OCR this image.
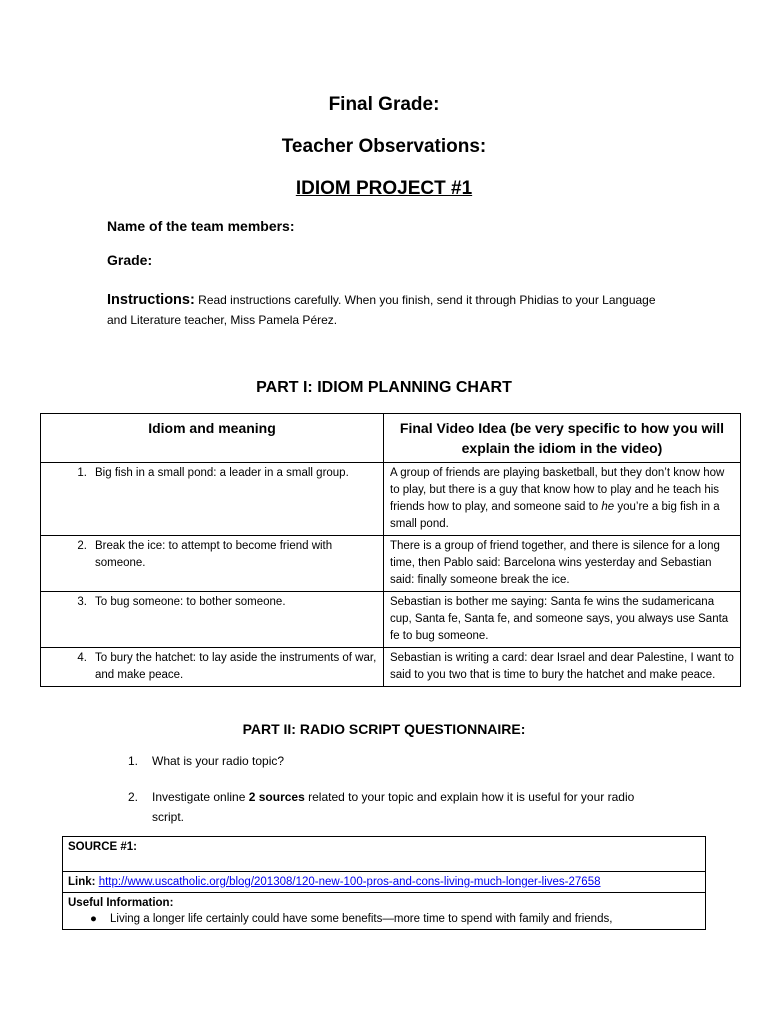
Final Grade:
Teacher Observations:
IDIOM PROJECT #1
Name of the team members:
Grade:
Instructions: Read instructions carefully. When you finish, send it through Phidias to your Language and Literature teacher, Miss Pamela Pérez.
PART I: IDIOM PLANNING CHART
Idiom and meaning	Final Video Idea (be very specific to how you will explain the idiom in the video)

1. Big fish in a small pond: a leader in a small group.	A group of friends are playing basketball, but they don’t know how to play, but there is a guy that know how to play and he teach his friends how to play, and someone said to he you’re a big fish in a small pond.

2. Break the ice: to attempt to become friend with someone.	There is a group of friend together, and there is silence for a long time, then Pablo said: Barcelona wins yesterday and Sebastian said: finally someone break the ice.

3. To bug someone: to bother someone.	Sebastian is bother me saying: Santa fe wins the sudamericana cup, Santa fe, Santa fe, and someone says, you always use Santa fe to bug someone.

4. To bury the hatchet: to lay aside the instruments of war, and make peace.	Sebastian is writing a card: dear Israel and dear Palestine, I want to said to you two that is time to bury the hatchet and make peace.
PART II: RADIO SCRIPT QUESTIONNAIRE:
1.	What is your radio topic?
2.	Investigate online 2 sources related to your topic and explain how it is useful for your radio script.
SOURCE #1:
Link: http://www.uscatholic.org/blog/201308/120-new-100-pros-and-cons-living-much-longer-lives-27658
Useful Information:
●	Living a longer life certainly could have some benefits—more time to spend with family and friends,
